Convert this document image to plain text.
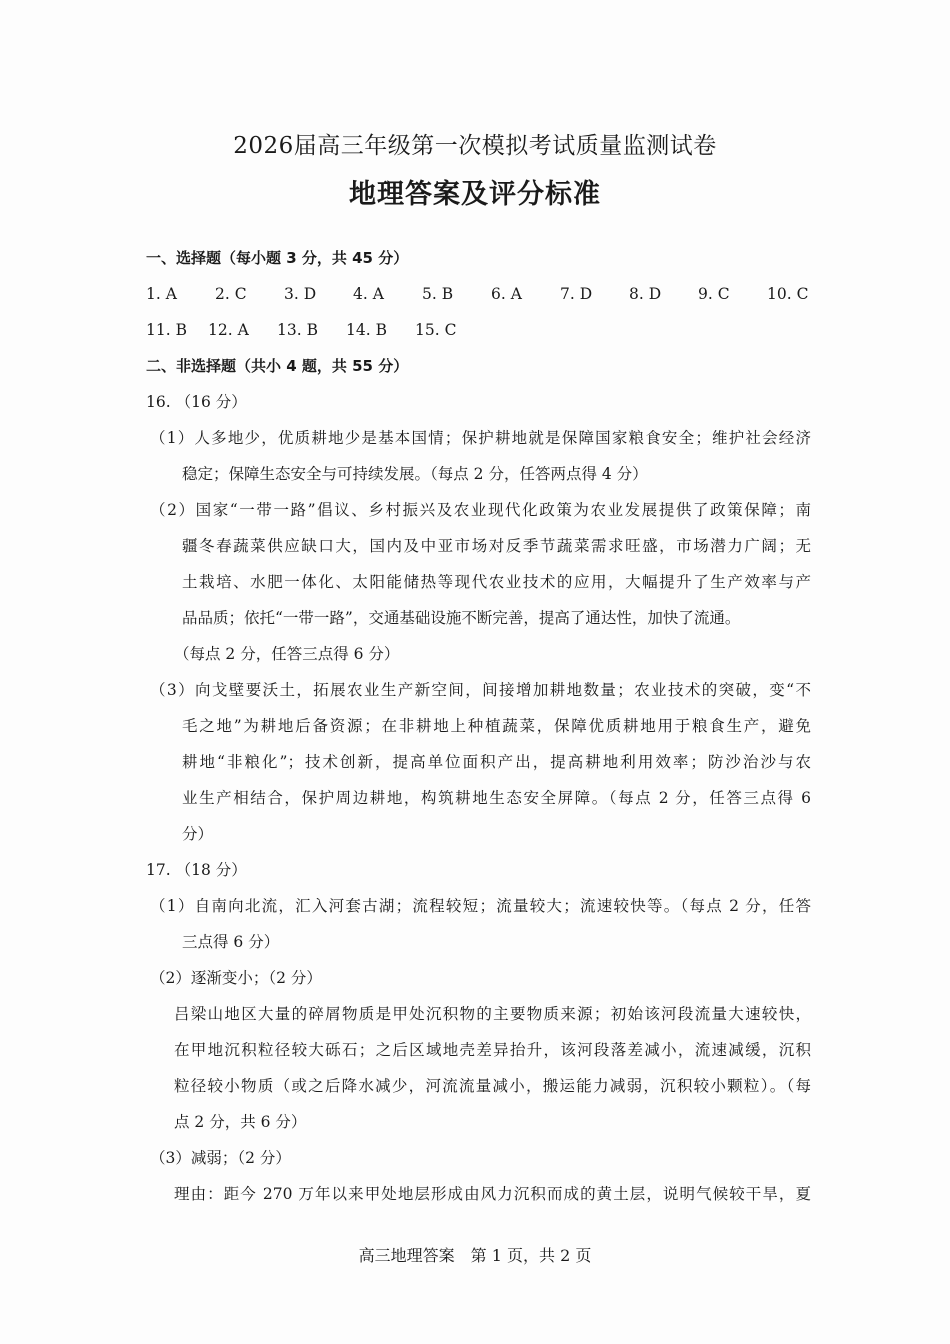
2026届高三年级第一次模拟考试质量监测试卷
地理答案及评分标准
一、选择题（每小题 3 分，共 45 分）
1. A	2. C	3. D	4. A	5. B	6. A	7. D	8. D	9. C	10. C
11. B	12. A	13. B	14. B	15. C
二、非选择题（共小 4 题，共 55 分）
16. （16 分）
（1）人多地少，优质耕地少是基本国情；保护耕地就是保障国家粮食安全；维护社会经济
稳定；保障生态安全与可持续发展。（每点 2 分，任答两点得 4 分）
（2）国家“一带一路”倡议、乡村振兴及农业现代化政策为农业发展提供了政策保障；南
疆冬春蔬菜供应缺口大，国内及中亚市场对反季节蔬菜需求旺盛，市场潜力广阔；无
土栽培、水肥一体化、太阳能储热等现代农业技术的应用，大幅提升了生产效率与产
品品质；依托“一带一路”，交通基础设施不断完善，提高了通达性，加快了流通。
（每点 2 分，任答三点得 6 分）
（3）向戈壁要沃土，拓展农业生产新空间，间接增加耕地数量；农业技术的突破，变“不
毛之地”为耕地后备资源；在非耕地上种植蔬菜，保障优质耕地用于粮食生产，避免
耕地“非粮化”；技术创新，提高单位面积产出，提高耕地利用效率；防沙治沙与农
业生产相结合，保护周边耕地，构筑耕地生态安全屏障。（每点 2 分，任答三点得 6
分）
17. （18 分）
（1）自南向北流，汇入河套古湖；流程较短；流量较大；流速较快等。（每点 2 分，任答
三点得 6 分）
（2）逐渐变小；（2 分）
吕梁山地区大量的碎屑物质是甲处沉积物的主要物质来源；初始该河段流量大速较快，
在甲地沉积粒径较大砾石；之后区域地壳差异抬升，该河段落差减小，流速减缓，沉积
粒径较小物质（或之后降水减少，河流流量减小，搬运能力减弱，沉积较小颗粒）。（每
点 2 分，共 6 分）
（3）减弱；（2 分）
理由：距今 270 万年以来甲处地层形成由风力沉积而成的黄土层，说明气候较干旱，夏
高三地理答案　第 1 页，共 2 页
